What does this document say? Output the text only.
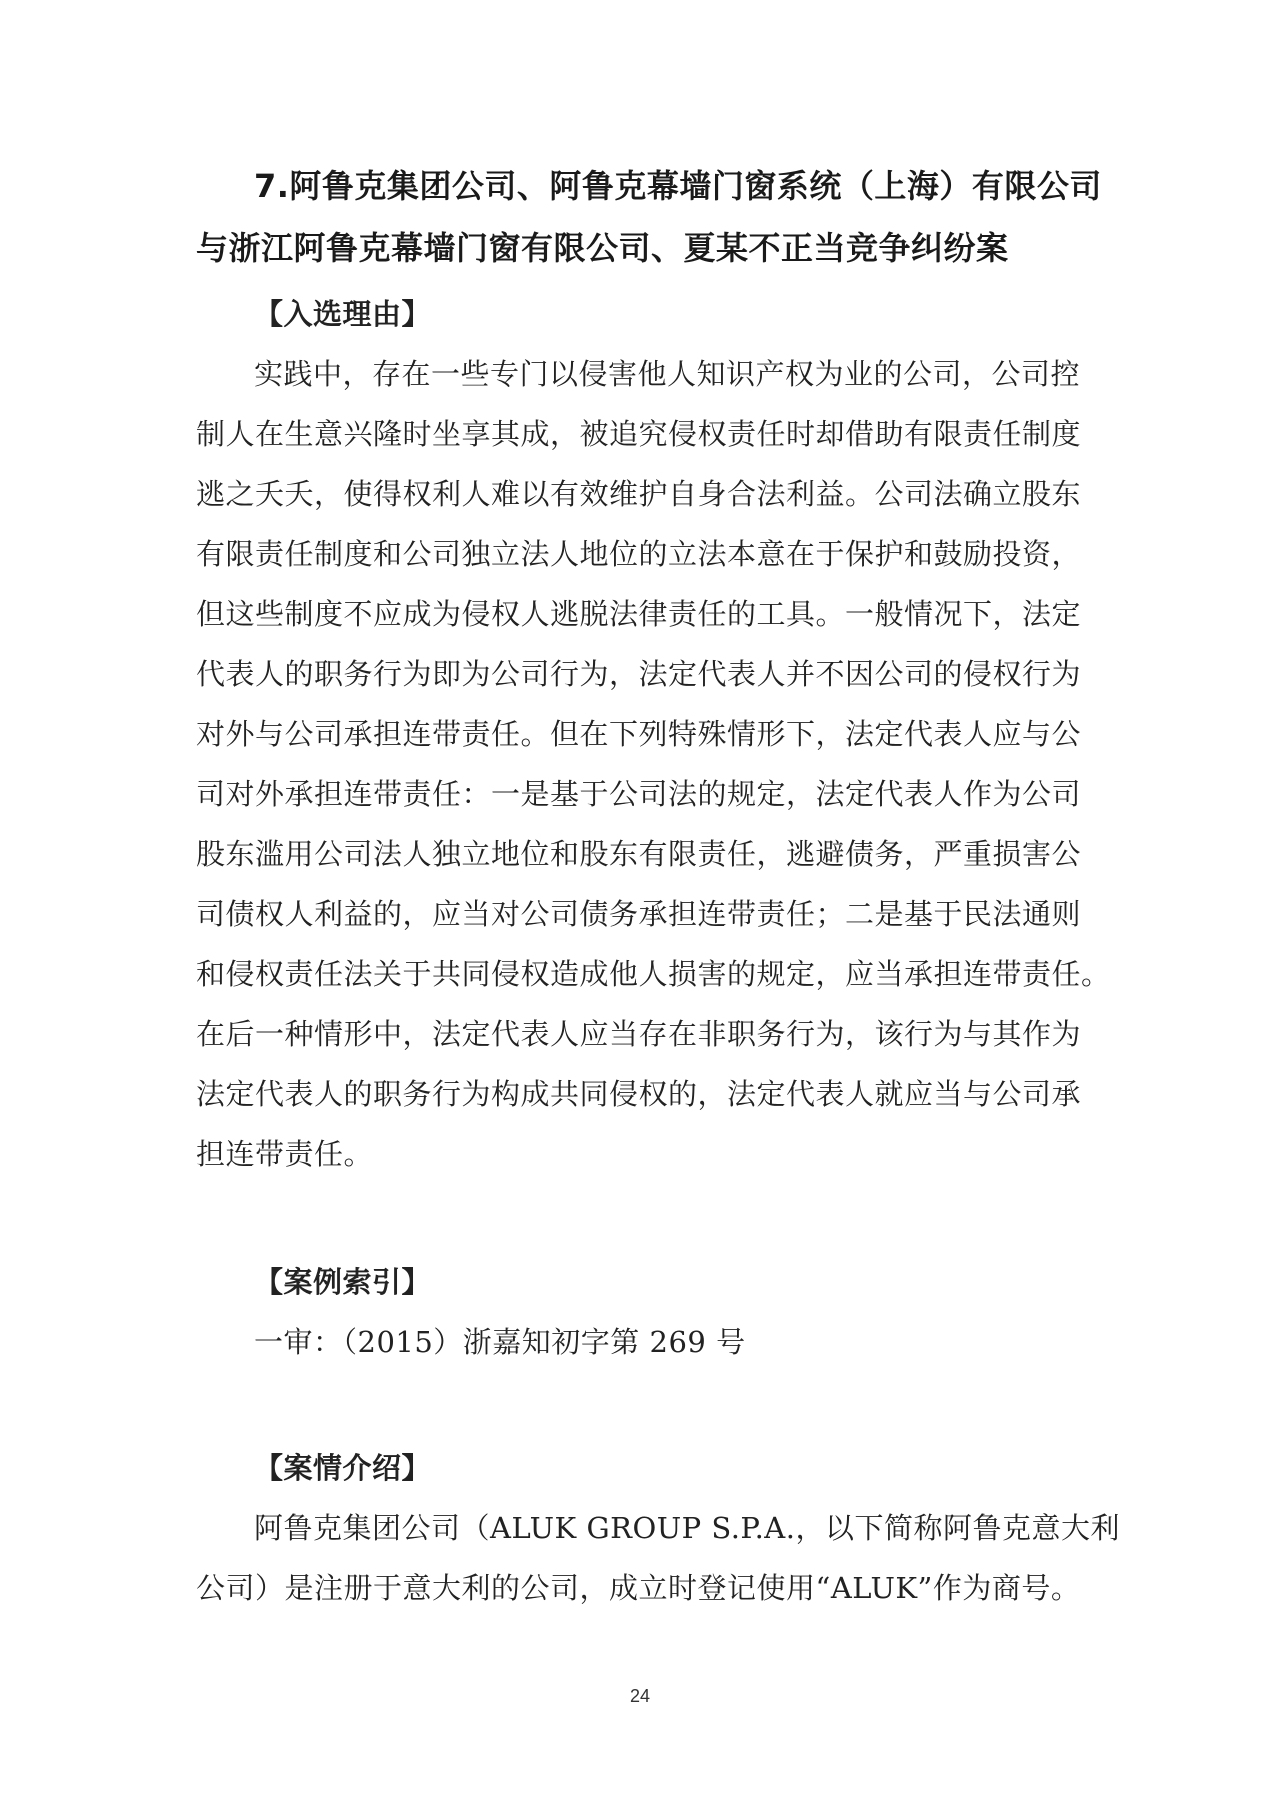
7.阿鲁克集团公司、阿鲁克幕墙门窗系统（上海）有限公司
与浙江阿鲁克幕墙门窗有限公司、夏某不正当竞争纠纷案
【入选理由】
实践中，存在一些专门以侵害他人知识产权为业的公司，公司控
制人在生意兴隆时坐享其成，被追究侵权责任时却借助有限责任制度
逃之夭夭，使得权利人难以有效维护自身合法利益。公司法确立股东
有限责任制度和公司独立法人地位的立法本意在于保护和鼓励投资，
但这些制度不应成为侵权人逃脱法律责任的工具。一般情况下，法定
代表人的职务行为即为公司行为，法定代表人并不因公司的侵权行为
对外与公司承担连带责任。但在下列特殊情形下，法定代表人应与公
司对外承担连带责任：一是基于公司法的规定，法定代表人作为公司
股东滥用公司法人独立地位和股东有限责任，逃避债务，严重损害公
司债权人利益的，应当对公司债务承担连带责任；二是基于民法通则
和侵权责任法关于共同侵权造成他人损害的规定，应当承担连带责任。
在后一种情形中，法定代表人应当存在非职务行为，该行为与其作为
法定代表人的职务行为构成共同侵权的，法定代表人就应当与公司承
担连带责任。
【案例索引】
一审：（2015）浙嘉知初字第 269 号
【案情介绍】
阿鲁克集团公司（ALUK GROUP S.P.A.，以下简称阿鲁克意大利
公司）是注册于意大利的公司，成立时登记使用“ALUK”作为商号。
24
